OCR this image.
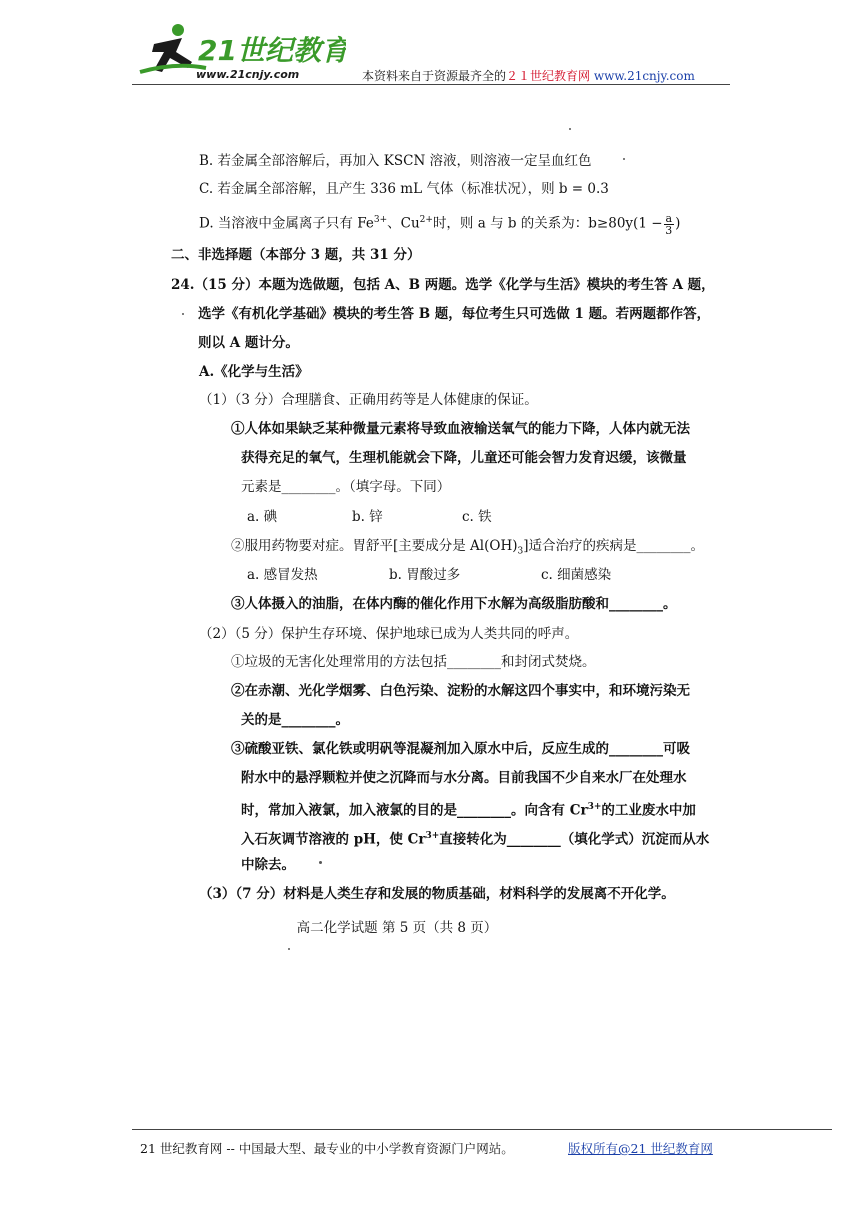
21世纪教育
www.21cnjy.com	本资料来自于资源最齐全的２１世纪教育网 www.21cnjy.com
B. 若金属全部溶解后，再加入 KSCN 溶液，则溶液一定呈血红色
C. 若金属全部溶解，且产生 336 mL 气体（标准状况），则 b = 0.3
D. 当溶液中金属离子只有 $Fe^{3+}$、$Cu^{2+}$时，则 a 与 b 的关系为：$b\ge 80y(1 - \frac{a}{3}$ )
二、非选择题（本部分 3 题，共 31 分）
24.（15 分）本题为选做题，包括 A、B 两题。选学《化学与生活》模块的考生答 A 题，
选学《有机化学基础》模块的考生答 B 题，每位考生只可选做 1 题。若两题都作答，
则以 A 题计分。
A.《化学与生活》
（1）（3 分）合理膳食、正确用药等是人体健康的保证。
①人体如果缺乏某种微量元素将导致血液输送氧气的能力下降，人体内就无法
获得充足的氧气，生理机能就会下降，儿童还可能会智力发育迟缓，该微量
元素是________。（填字母。下同）
a. 碘	b. 锌	c. 铁
②服用药物要对症。胃舒平[主要成分是 $Al(OH)_3$]适合治疗的疾病是________。
a. 感冒发热	b. 胃酸过多	c. 细菌感染
③人体摄入的油脂，在体内酶的催化作用下水解为高级脂肪酸和________。
（2）（5 分）保护生存环境、保护地球已成为人类共同的呼声。
①垃圾的无害化处理常用的方法包括________和封闭式焚烧。
②在赤潮、光化学烟雾、白色污染、淀粉的水解这四个事实中，和环境污染无
关的是________。
③硫酸亚铁、氯化铁或明矾等混凝剂加入原水中后，反应生成的________可吸
附水中的悬浮颗粒并使之沉降而与水分离。目前我国不少自来水厂在处理水
时，常加入液氯，加入液氯的目的是________。向含有 $Cr^{3+}$的工业废水中加
入石灰调节溶液的 pH，使 $Cr^{3+}$直接转化为________（填化学式）沉淀而从水
中除去。
（3）（7 分）材料是人类生存和发展的物质基础，材料科学的发展离不开化学。
高二化学试题 第 5 页（共 8 页）
21 世纪教育网 -- 中国最大型、最专业的中小学教育资源门户网站。	版权所有@21 世纪教育网
